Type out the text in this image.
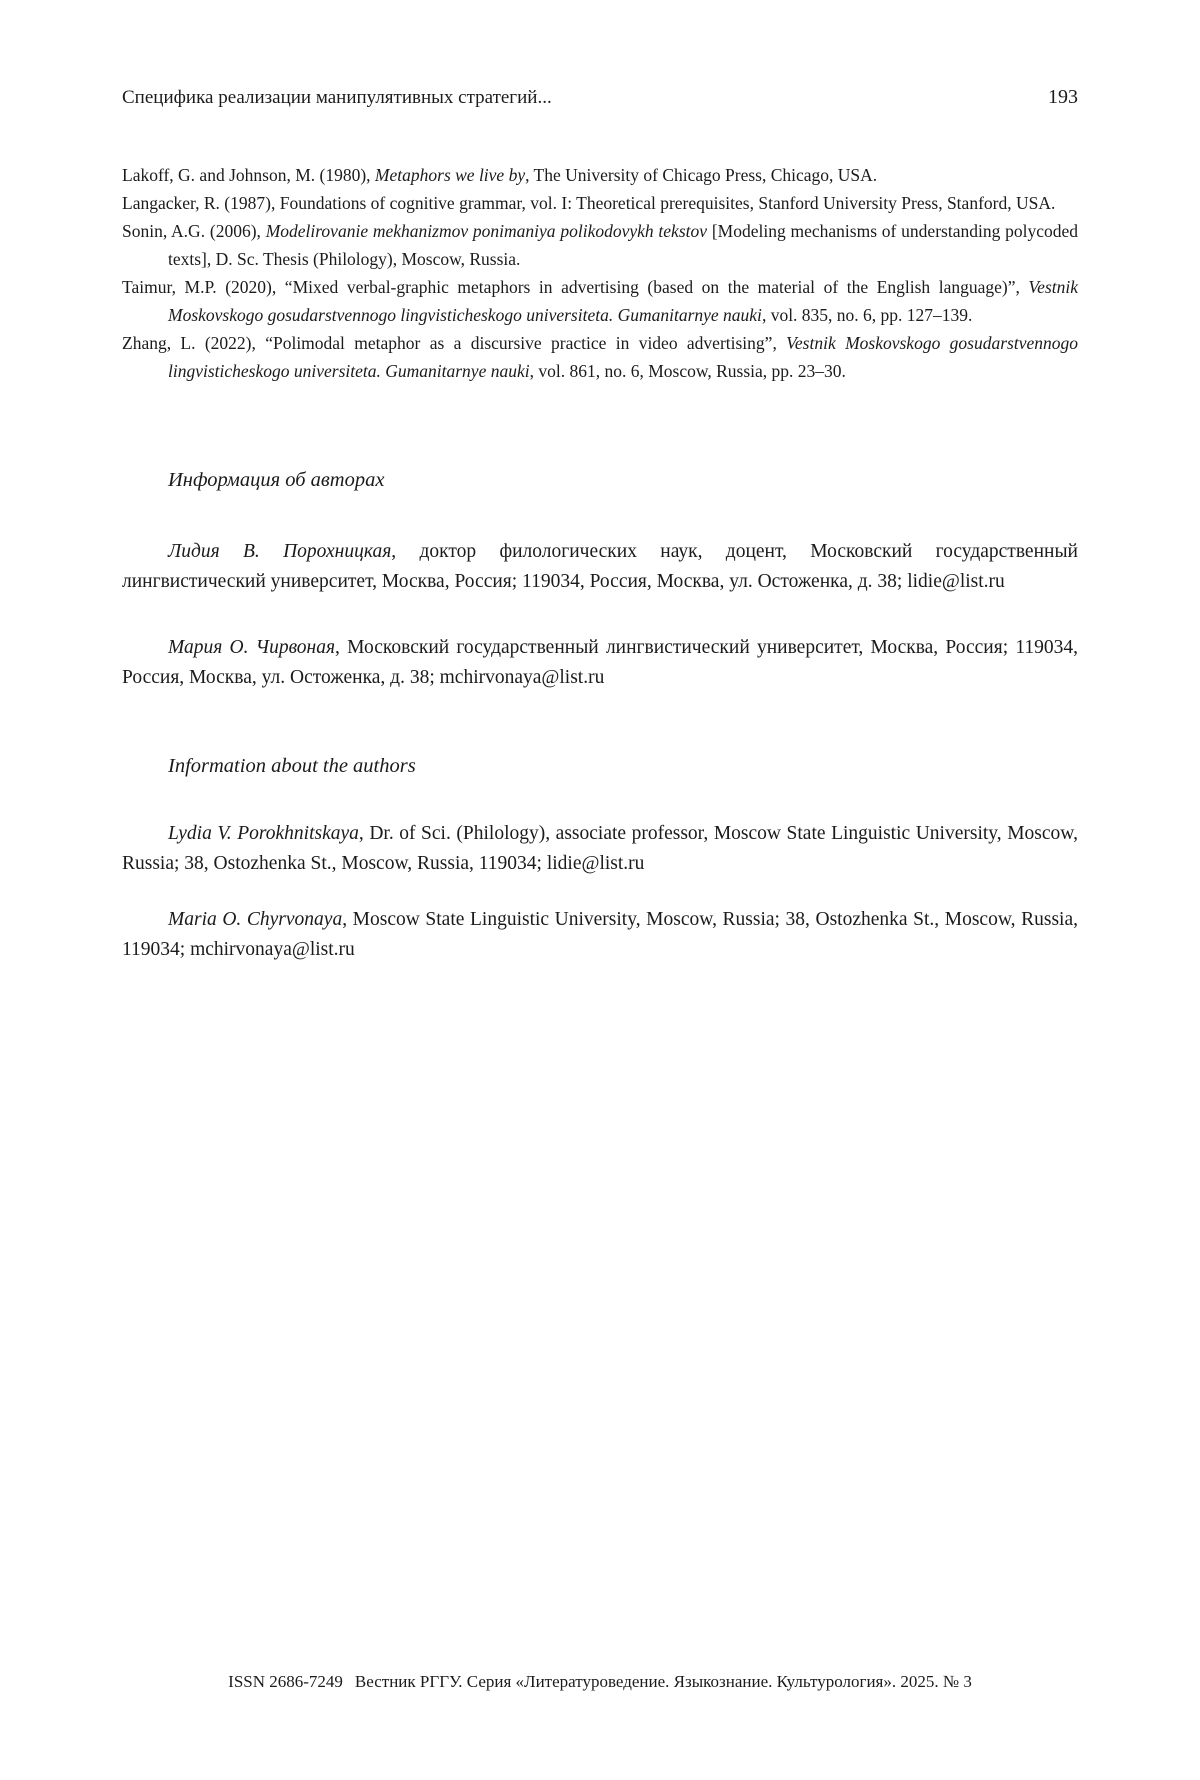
Специфика реализации манипулятивных стратегий...	193

Lakoff, G. and Johnson, M. (1980), Metaphors we live by, The University of Chicago Press, Chicago, USA.

Langacker, R. (1987), Foundations of cognitive grammar, vol. I: Theoretical prerequisites, Stanford University Press, Stanford, USA.

Sonin, A.G. (2006), Modelirovanie mekhanizmov ponimaniya polikodovykh tekstov [Modeling mechanisms of understanding polycoded texts], D. Sc. Thesis (Philology), Moscow, Russia.

Taimur, M.P. (2020), “Mixed verbal-graphic metaphors in advertising (based on the material of the English language)”, Vestnik Moskovskogo gosudarstvennogo lingvisticheskogo universiteta. Gumanitarnye nauki, vol. 835, no. 6, pp. 127–139.

Zhang, L. (2022), “Polimodal metaphor as a discursive practice in video advertising”, Vestnik Moskovskogo gosudarstvennogo lingvisticheskogo universiteta. Gumanitarnye nauki, vol. 861, no. 6, Moscow, Russia, pp. 23–30.

Информация об авторах

Лидия В. Порохницкая, доктор филологических наук, доцент, Московский государственный лингвистический университет, Москва, Россия; 119034, Россия, Москва, ул. Остоженка, д. 38; lidie@list.ru

Мария О. Чирвоная, Московский государственный лингвистический университет, Москва, Россия; 119034, Россия, Москва, ул. Остоженка, д. 38; mchirvonaya@list.ru

Information about the authors

Lydia V. Porokhnitskaya, Dr. of Sci. (Philology), associate professor, Moscow State Linguistic University, Moscow, Russia; 38, Ostozhenka St., Moscow, Russia, 119034; lidie@list.ru

Maria O. Chyrvonaya, Moscow State Linguistic University, Moscow, Russia; 38, Ostozhenka St., Moscow, Russia, 119034; mchirvonaya@list.ru

ISSN 2686-7249 Вестник РГГУ. Серия «Литературоведение. Языкознание. Культурология». 2025. № 3
